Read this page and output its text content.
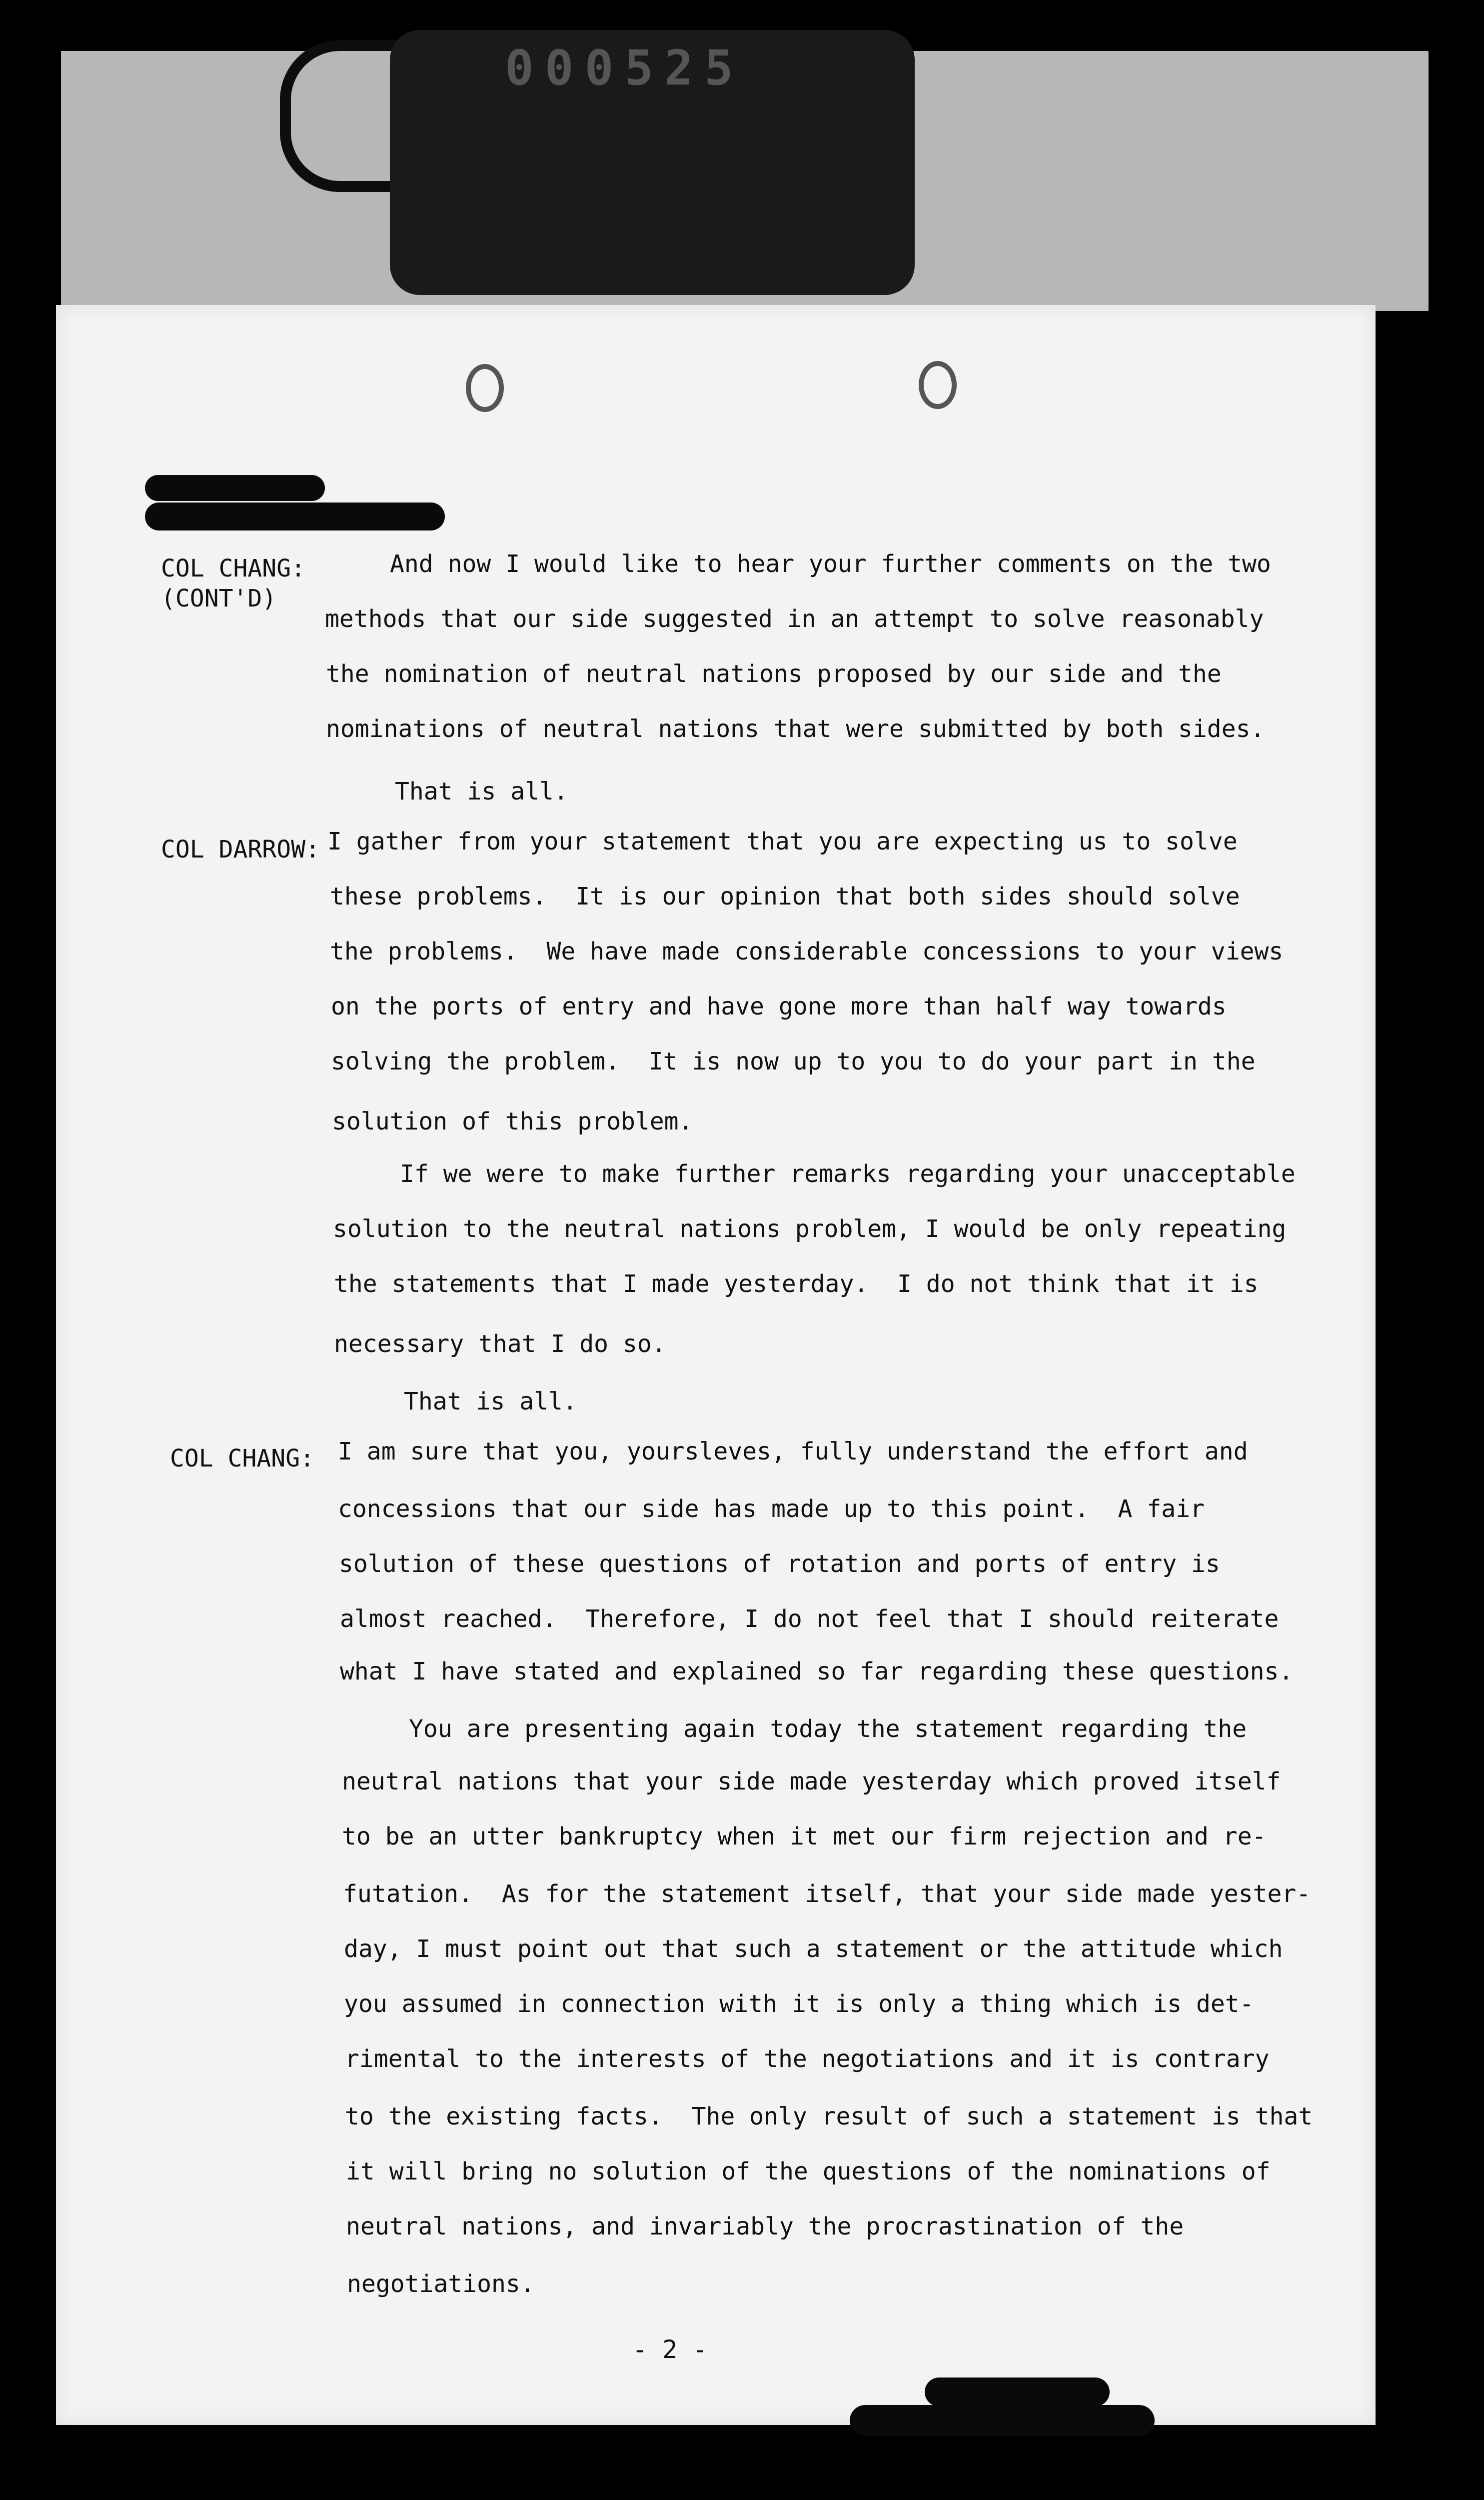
000525
COL CHANG:
(CONT'D)
COL DARROW:
COL CHANG:
And now I would like to hear your further comments on the two
methods that our side suggested in an attempt to solve reasonably
the nomination of neutral nations proposed by our side and the
nominations of neutral nations that were submitted by both sides.
That is all.
I gather from your statement that you are expecting us to solve
these problems.  It is our opinion that both sides should solve
the problems.  We have made considerable concessions to your views
on the ports of entry and have gone more than half way towards
solving the problem.  It is now up to you to do your part in the
solution of this problem.
If we were to make further remarks regarding your unacceptable
solution to the neutral nations problem, I would be only repeating
the statements that I made yesterday.  I do not think that it is
necessary that I do so.
That is all.
I am sure that you, yoursleves, fully understand the effort and
concessions that our side has made up to this point.  A fair
solution of these questions of rotation and ports of entry is
almost reached.  Therefore, I do not feel that I should reiterate
what I have stated and explained so far regarding these questions.
You are presenting again today the statement regarding the
neutral nations that your side made yesterday which proved itself
to be an utter bankruptcy when it met our firm rejection and re-
futation.  As for the statement itself, that your side made yester-
day, I must point out that such a statement or the attitude which
you assumed in connection with it is only a thing which is det-
rimental to the interests of the negotiations and it is contrary
to the existing facts.  The only result of such a statement is that
it will bring no solution of the questions of the nominations of
neutral nations, and invariably the procrastination of the
negotiations.
- 2 -
